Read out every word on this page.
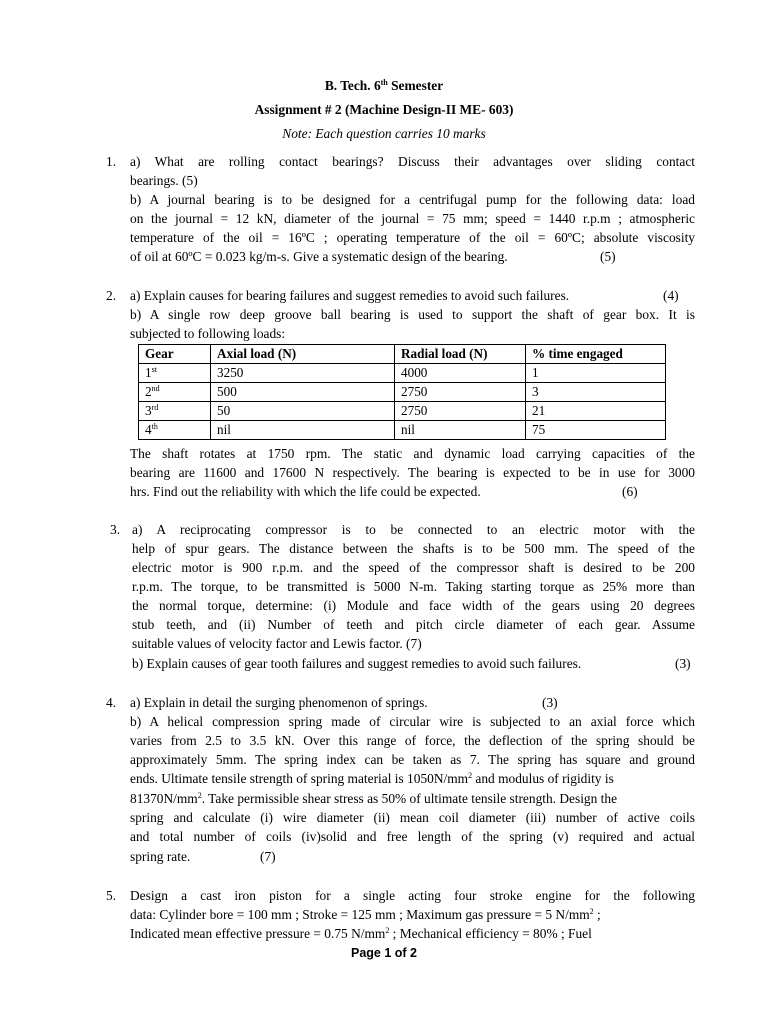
B. Tech. 6th Semester
Assignment # 2 (Machine Design-II ME- 603)
Note: Each question carries 10 marks
1. a) What are rolling contact bearings? Discuss their advantages over sliding contact
bearings. (5)
b) A journal bearing is to be designed for a centrifugal pump for the following data: load
on the journal = 12 kN, diameter of the journal = 75 mm; speed = 1440 r.p.m ; atmospheric
temperature of the oil = 16ºC ; operating temperature of the oil = 60ºC; absolute viscosity
of oil at 60ºC = 0.023 kg/m-s. Give a systematic design of the bearing.	(5)
2. a) Explain causes for bearing failures and suggest remedies to avoid such failures.	(4)
b) A single row deep groove ball bearing is used to support the shaft of gear box. It is
subjected to following loads:
Gear	Axial load (N)	Radial load (N)	% time engaged
1st	3250	4000	1
2nd	500	2750	3
3rd	50	2750	21
4th	nil	nil	75
The shaft rotates at 1750 rpm. The static and dynamic load carrying capacities of the
bearing are 11600 and 17600 N respectively. The bearing is expected to be in use for 3000
hrs. Find out the reliability with which the life could be expected.	(6)
3. a) A reciprocating compressor is to be connected to an electric motor with the
help of spur gears. The distance between the shafts is to be 500 mm. The speed of the
electric motor is 900 r.p.m. and the speed of the compressor shaft is desired to be 200
r.p.m. The torque, to be transmitted is 5000 N-m. Taking starting torque as 25% more than
the normal torque, determine: (i) Module and face width of the gears using 20 degrees
stub teeth, and (ii) Number of teeth and pitch circle diameter of each gear. Assume
suitable values of velocity factor and Lewis factor. (7)
b) Explain causes of gear tooth failures and suggest remedies to avoid such failures.	(3)
4. a) Explain in detail the surging phenomenon of springs.	(3)
b) A helical compression spring made of circular wire is subjected to an axial force which
varies from 2.5 to 3.5 kN. Over this range of force, the deflection of the spring should be
approximately 5mm. The spring index can be taken as 7. The spring has square and ground
ends. Ultimate tensile strength of spring material is $1050N/mm^2$ and modulus of rigidity is
$81370N/mm^2$. Take permissible shear stress as 50% of ultimate tensile strength. Design the
spring and calculate (i) wire diameter (ii) mean coil diameter (iii) number of active coils
and total number of coils (iv)solid and free length of the spring (v) required and actual
spring rate.	(7)
5. Design a cast iron piston for a single acting four stroke engine for the following
data: Cylinder bore = 100 mm ; Stroke = 125 mm ; Maximum gas pressure = 5 $N/mm^2$ ;
Indicated mean effective pressure = 0.75 $N/mm^2$ ; Mechanical efficiency = 80% ; Fuel
Page 1 of 2
